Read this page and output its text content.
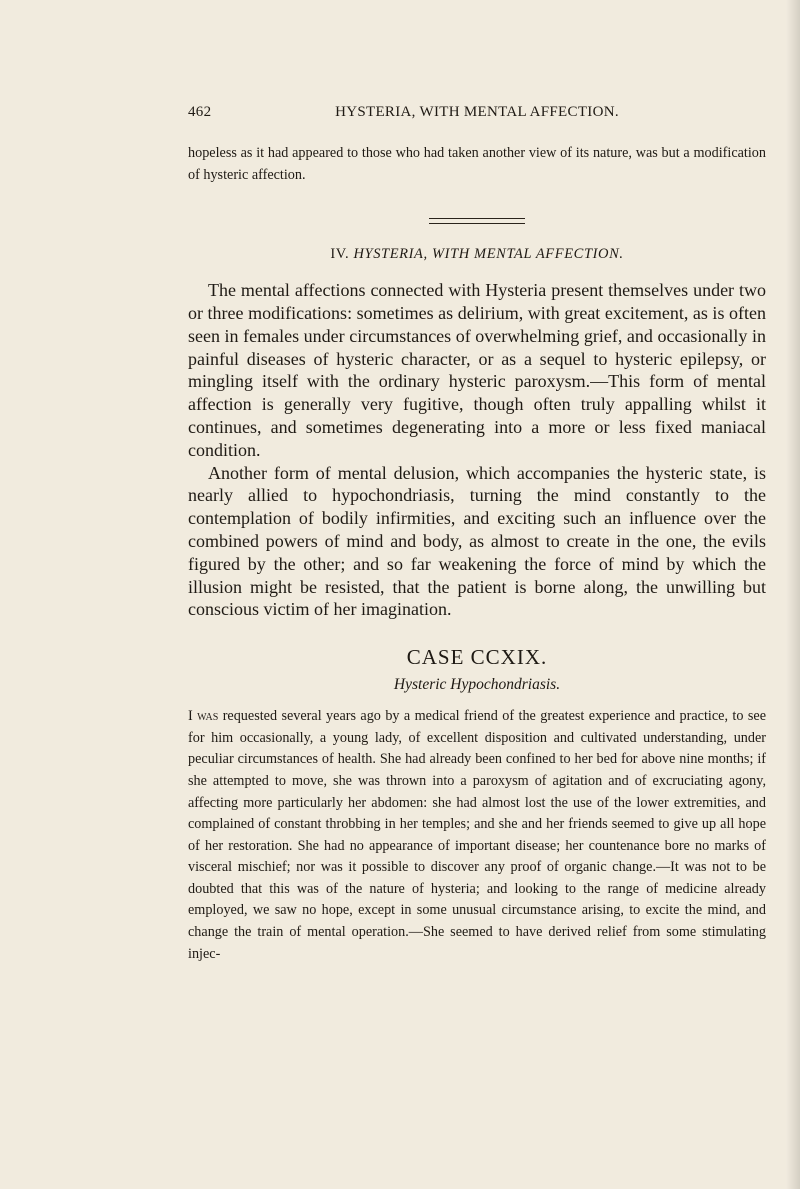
462	HYSTERIA, WITH MENTAL AFFECTION.

hopeless as it had appeared to those who had taken another view of its nature, was but a modification of hysteric affection.

IV. HYSTERIA, WITH MENTAL AFFECTION.

The mental affections connected with Hysteria present themselves under two or three modifications: sometimes as delirium, with great excitement, as is often seen in females under circumstances of overwhelming grief, and occasionally in painful diseases of hysteric character, or as a sequel to hysteric epilepsy, or mingling itself with the ordinary hysteric paroxysm.—This form of mental affection is generally very fugitive, though often truly appalling whilst it continues, and sometimes degenerating into a more or less fixed maniacal condition.

Another form of mental delusion, which accompanies the hysteric state, is nearly allied to hypochondriasis, turning the mind constantly to the contemplation of bodily infirmities, and exciting such an influence over the combined powers of mind and body, as almost to create in the one, the evils figured by the other; and so far weakening the force of mind by which the illusion might be resisted, that the patient is borne along, the unwilling but conscious victim of her imagination.

CASE CCXIX.

Hysteric Hypochondriasis.

I was requested several years ago by a medical friend of the greatest experience and practice, to see for him occasionally, a young lady, of excellent disposition and cultivated understanding, under peculiar circumstances of health. She had already been confined to her bed for above nine months; if she attempted to move, she was thrown into a paroxysm of agitation and of excruciating agony, affecting more particularly her abdomen: she had almost lost the use of the lower extremities, and complained of constant throbbing in her temples; and she and her friends seemed to give up all hope of her restoration. She had no appearance of important disease; her countenance bore no marks of visceral mischief; nor was it possible to discover any proof of organic change.—It was not to be doubted that this was of the nature of hysteria; and looking to the range of medicine already employed, we saw no hope, except in some unusual circumstance arising, to excite the mind, and change the train of mental operation.—She seemed to have derived relief from some stimulating injec-
